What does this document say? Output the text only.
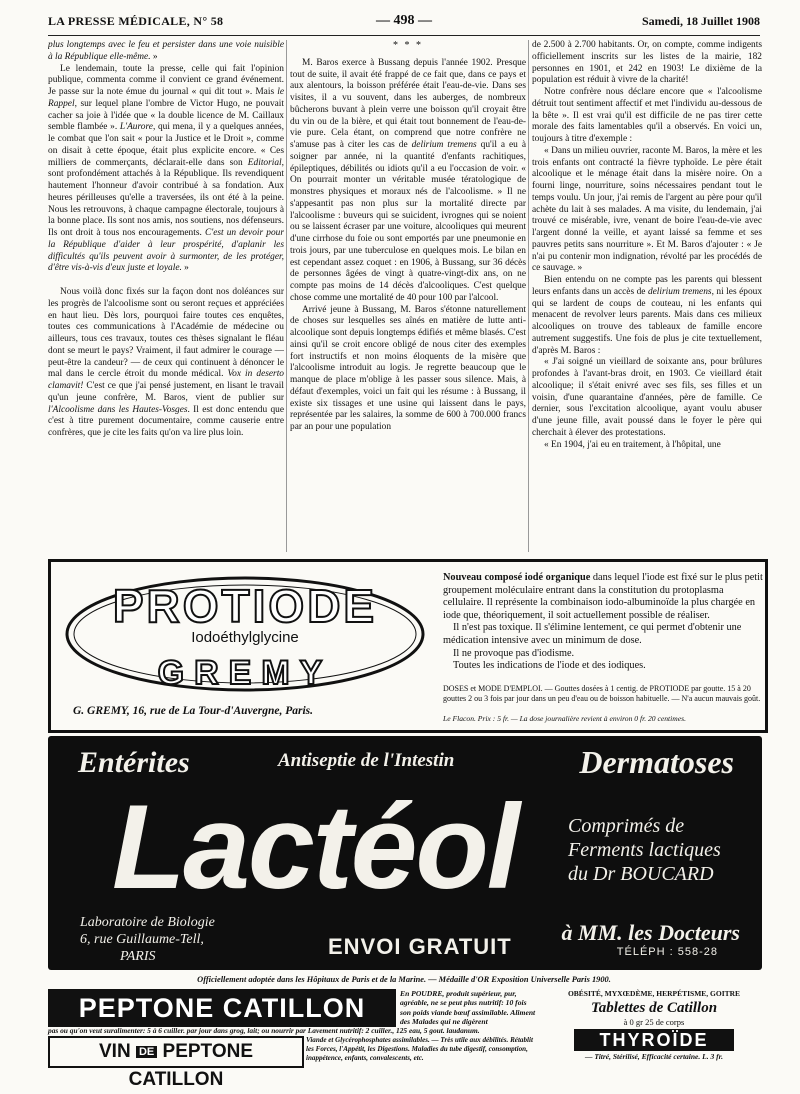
LA PRESSE MÉDICALE, N° 58	— 498 —	Samedi, 18 Juillet 1908

plus longtemps avec le feu et persister dans une voie nuisible à la République elle-même. »

Le lendemain, toute la presse, celle qui fait l'opinion publique, commenta comme il convient ce grand événement. Je passe sur la note émue du journal « qui dit tout ». Mais le Rappel, sur lequel plane l'ombre de Victor Hugo, ne pouvait cacher sa joie à l'idée que « la double licence de M. Caillaux semble flambée ». L'Aurore, qui mena, il y a quelques années, le combat que l'on sait « pour la Justice et le Droit », comme on disait à cette époque, était plus explicite encore. « Ces milliers de commerçants, déclarait-elle dans son Editorial, sont profondément attachés à la République. Ils revendiquent hautement l'honneur d'avoir contribué à sa fondation. Aux heures périlleuses qu'elle a traversées, ils ont été à la peine. Nous les retrouvons, à chaque campagne électorale, toujours à la bonne place. Ils sont nos amis, nos soutiens, nos défenseurs. Ils ont droit à tous nos encouragements. C'est un devoir pour la République d'aider à leur prospérité, d'aplanir les difficultés qu'ils peuvent avoir à surmonter, de les protéger, d'être vis-à-vis d'eux juste et loyale. »

Nous voilà donc fixés sur la façon dont nos doléances sur les progrès de l'alcoolisme sont ou seront reçues et appréciées en haut lieu. Dès lors, pourquoi faire toutes ces enquêtes, toutes ces communications à l'Académie de médecine ou ailleurs, tous ces travaux, toutes ces thèses signalant le fléau dont se meurt le pays? Vraiment, il faut admirer le courage — peut-être la candeur? — de ceux qui continuent à dénoncer le mal dans le cercle étroit du monde médical. Vox in deserto clamavit! C'est ce que j'ai pensé justement, en lisant le travail qu'un jeune confrère, M. Baros, vient de publier sur l'Alcoolisme dans les Hautes-Vosges. Il est donc entendu que c'est à titre purement documentaire, comme causerie entre confrères, que je cite les faits qu'on va lire plus loin.

* * *

M. Baros exerce à Bussang depuis l'année 1902. Presque tout de suite, il avait été frappé de ce fait que, dans ce pays et aux alentours, la boisson préférée était l'eau-de-vie. Dans ses visites, il a vu souvent, dans les auberges, de nombreux bûcherons buvant à plein verre une boisson qu'il croyait être du vin ou de la bière, et qui était tout bonnement de l'eau-de-vie pure. Cela étant, on comprend que notre confrère ne s'amuse pas à citer les cas de delirium tremens qu'il a eu à soigner par année, ni la quantité d'enfants rachitiques, épileptiques, débilités ou idiots qu'il a eu l'occasion de voir. « On pourrait monter un véritable musée tératologique de monstres physiques et moraux nés de l'alcoolisme. » Il ne s'appesantit pas non plus sur la mortalité directe par l'alcoolisme : buveurs qui se suicident, ivrognes qui se noient ou se laissent écraser par une voiture, alcooliques qui meurent d'une cirrhose du foie ou sont emportés par une pneumonie en trois jours, par une tuberculose en quelques mois. Le bilan en est cependant assez coquet : en 1906, à Bussang, sur 36 décès de personnes âgées de vingt à quatre-vingt-dix ans, on ne compte pas moins de 14 décès d'alcooliques. C'est quelque chose comme une mortalité de 40 pour 100 par l'alcool.

Arrivé jeune à Bussang, M. Baros s'étonne naturellement de choses sur lesquelles ses aînés en matière de lutte anti-alcoolique sont depuis longtemps édifiés et même blasés. C'est ainsi qu'il se croit encore obligé de nous citer des exemples fort instructifs et non moins éloquents de la misère que l'alcoolisme introduit au logis. Je regrette beaucoup que le manque de place m'oblige à les passer sous silence. Mais, à défaut d'exemples, voici un fait qui les résume : à Bussang, il existe six tissages et une usine qui laissent dans le pays, représentée par les salaires, la somme de 600 à 700.000 francs par an pour une population

de 2.500 à 2.700 habitants. Or, on compte, comme indigents officiellement inscrits sur les listes de la mairie, 182 personnes en 1901, et 242 en 1903! Le dixième de la population est réduit à vivre de la charité!

Notre confrère nous déclare encore que « l'alcoolisme détruit tout sentiment affectif et met l'individu au-dessous de la bête ». Il est vrai qu'il est difficile de ne pas tirer cette morale des faits lamentables qu'il a observés. En voici un, toujours à titre d'exemple :

« Dans un milieu ouvrier, raconte M. Baros, la mère et les trois enfants ont contracté la fièvre typhoïde. Le père était alcoolique et le ménage était dans la misère noire. On a fourni linge, nourriture, soins nécessaires pendant tout le temps voulu. Un jour, j'ai remis de l'argent au père pour qu'il achète du lait à ses malades. A ma visite, du lendemain, j'ai trouvé ce misérable, ivre, venant de boire l'eau-de-vie avec l'argent donné la veille, et ayant laissé sa femme et ses pauvres petits sans nourriture ». Et M. Baros d'ajouter : « Je n'ai pu contenir mon indignation, révolté par les procédés de ce sauvage. »

Bien entendu on ne compte pas les parents qui blessent leurs enfants dans un accès de delirium tremens, ni les époux qui se lardent de coups de couteau, ni les enfants qui menacent de revolver leurs parents. Mais dans ces milieux alcooliques on trouve des tableaux de famille encore autrement suggestifs. Une fois de plus je cite textuellement, d'après M. Baros :

« J'ai soigné un vieillard de soixante ans, pour brûlures profondes à l'avant-bras droit, en 1903. Ce vieillard était alcoolique; il s'était enivré avec ses fils, ses filles et un voisin, d'une quarantaine d'années, père de famille. Ce dernier, sous l'excitation alcoolique, ayant voulu abuser d'une jeune fille, avait poussé dans le foyer le père qui cherchait à élever des protestations.

« En 1904, j'ai eu en traitement, à l'hôpital, une

PROTIODE
GREMY
Iodoéthylglycine
G. GREMY, 16, rue de La Tour-d'Auvergne, Paris.

Nouveau composé iodé organique dans lequel l'iode est fixé sur le plus petit groupement moléculaire entrant dans la constitution du protoplasma cellulaire. Il représente la combinaison iodo-albuminoïde la plus chargée en iode que, théoriquement, il soit actuellement possible de réaliser.

Il n'est pas toxique. Il s'élimine lentement, ce qui permet d'obtenir une médication intensive avec un minimum de dose.

Il ne provoque pas d'iodisme.

Toutes les indications de l'iode et des iodiques.

DOSES et MODE D'EMPLOI. — Gouttes dosées à 1 centig. de PROTIODE par goutte. 15 à 20 gouttes 2 ou 3 fois par jour dans un peu d'eau ou de boisson habituelle. — N'a aucun mauvais goût.
Le Flacon. Prix : 5 fr. — La dose journalière revient à environ 0 fr. 20 centimes.
Entérites	Antiseptie de l'Intestin	Dermatoses
Lactéol Comprimés de
Ferments lactiques
du Dr BOUCARD
Laboratoire de Biologie
6, rue Guillaume-Tell,
PARIS	ENVOI GRATUIT
à MM. les Docteurs
TÉLÉPH : 558-28
Officiellement adoptée dans les Hôpitaux de Paris et de la Marine. — Médaille d'OR Exposition Universelle Paris 1900.
PEPTONE CATILLON	En POUDRE, produit supérieur, pur, agréable, ne se peut plus nutritif: 10 fois son poids viande bœuf assimilable. Aliment des Malades qui ne digèrent
pas ou qu'on veut suralimenter: 5 à 6 cuiller. par jour dans grog, lait; ou nourrir par Lavement nutritif: 2 cuiller., 125 eau, 5 gout. laudanum.
VIN DE PEPTONE CATILLON
Viande et Glycérophosphates assimilables. — Très utile aux débilités. Rétablit les Forces, l'Appétit, les Digestions. Maladies du tube digestif, consomption, inappétence, enfants, convalescents, etc.
OBÉSITÉ, MYXŒDÈME, HERPÉTISME, GOITRE
Tablettes de Catillon
à 0 gr 25 de corps
THYROÏDE
— Titré, Stérilisé, Efficacité certaine. L. 3 fr.
